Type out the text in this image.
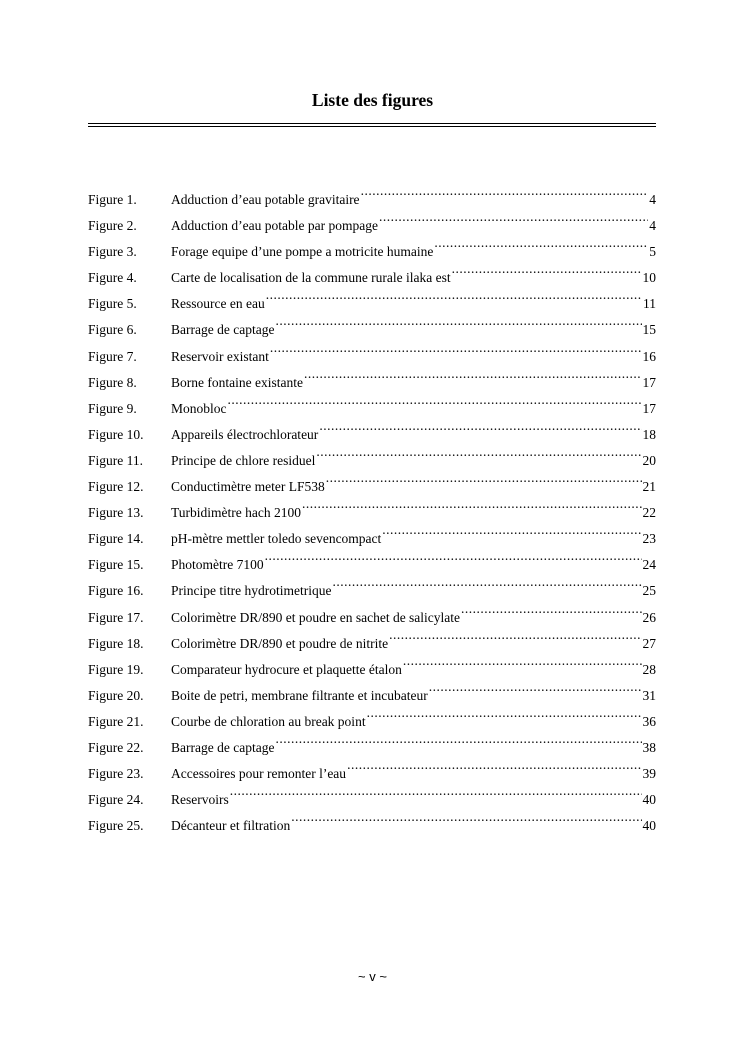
Liste des figures
Figure 1.	Adduction d’eau potable gravitaire .....	4
Figure 2.	Adduction d’eau potable par pompage .....	4
Figure 3.	Forage equipe d’une pompe a motricite humaine .....	5
Figure 4.	Carte de localisation de la commune rurale ilaka est .....	10
Figure 5.	Ressource en eau .....	11
Figure 6.	Barrage de captage .....	15
Figure 7.	Reservoir existant .....	16
Figure 8.	Borne fontaine existante .....	17
Figure 9.	Monobloc .....	17
Figure 10.	Appareils électrochlorateur .....	18
Figure 11.	Principe de chlore residuel .....	20
Figure 12.	Conductimètre meter LF538 .....	21
Figure 13.	Turbidimètre hach 2100 .....	22
Figure 14.	pH-mètre mettler toledo sevencompact .....	23
Figure 15.	Photomètre 7100 .....	24
Figure 16.	Principe titre hydrotimetrique .....	25
Figure 17.	Colorimètre DR/890 et poudre en sachet de salicylate .....	26
Figure 18.	Colorimètre DR/890 et poudre de nitrite .....	27
Figure 19.	Comparateur hydrocure et plaquette étalon .....	28
Figure 20.	Boite de petri, membrane filtrante et incubateur .....	31
Figure 21.	Courbe de chloration au break point .....	36
Figure 22.	Barrage de captage .....	38
Figure 23.	Accessoires pour remonter l’eau .....	39
Figure 24.	Reservoirs .....	40
Figure 25.	Décanteur et filtration .....	40
~ v ~
